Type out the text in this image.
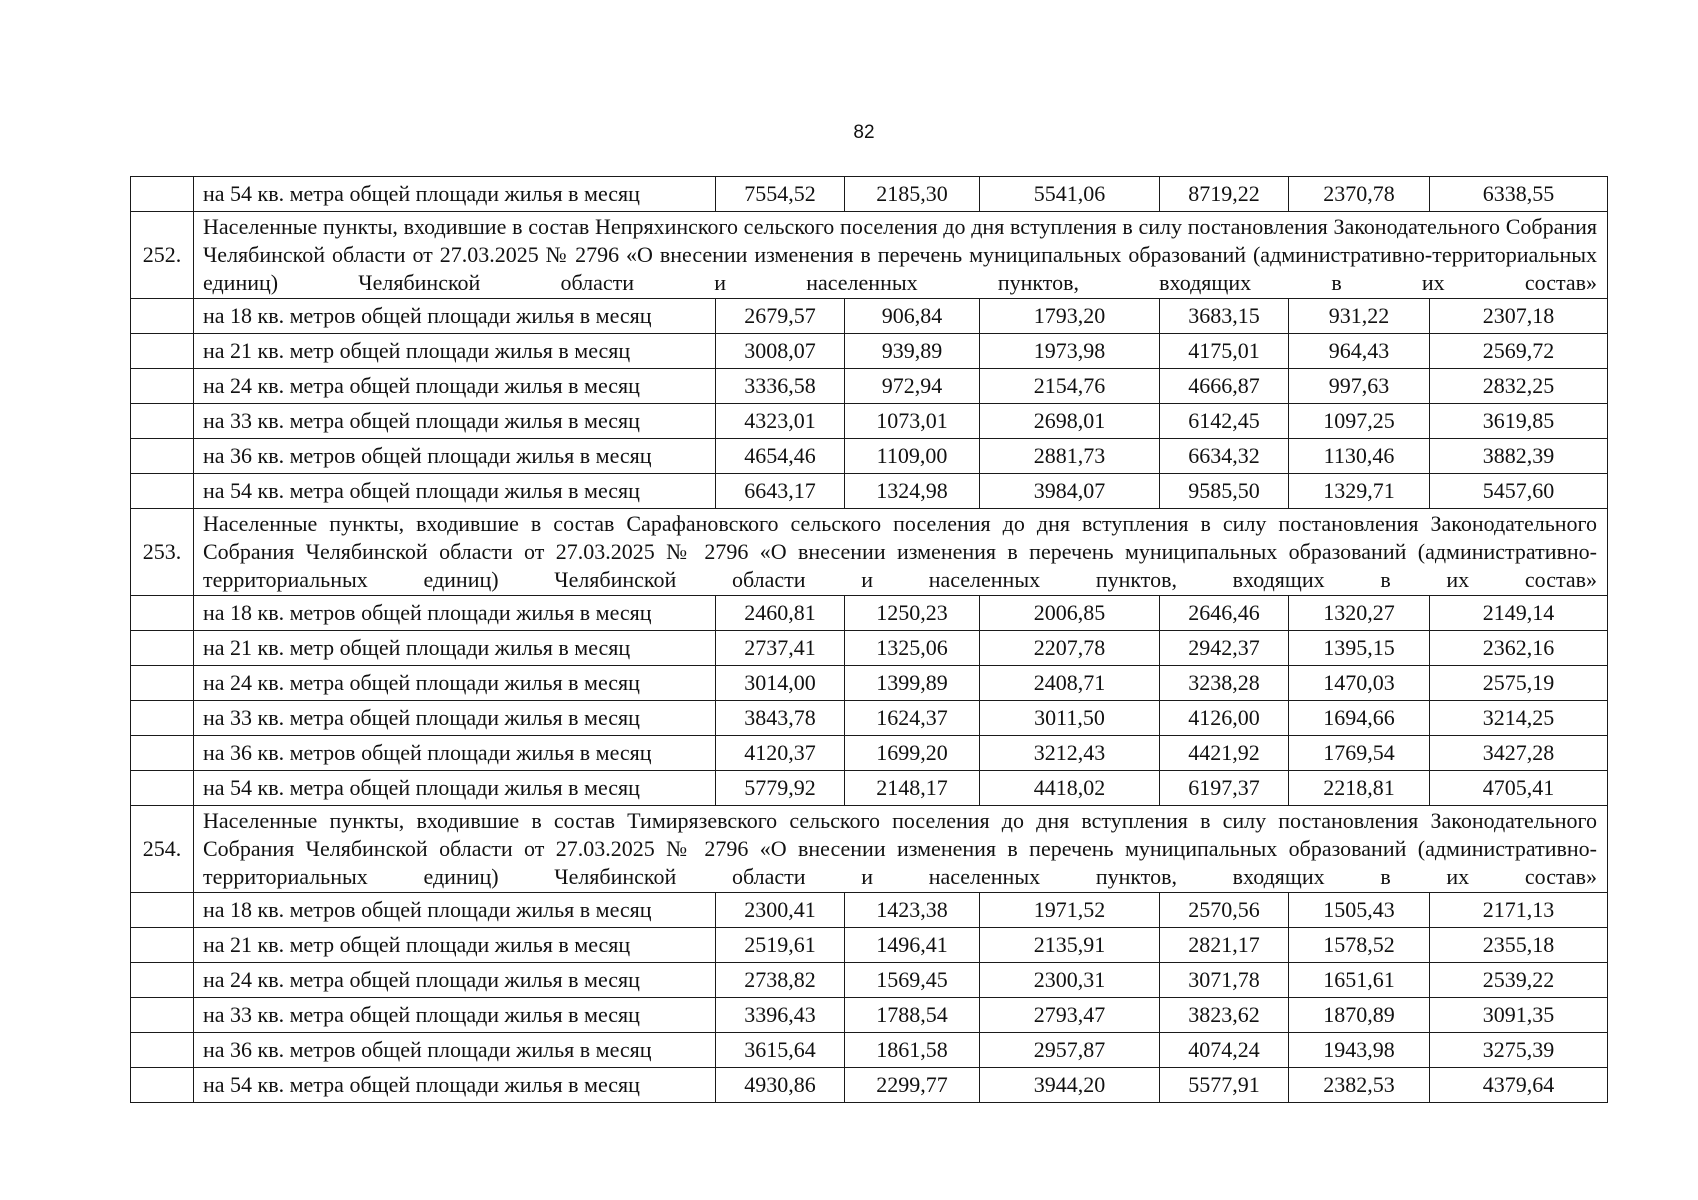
82
	на 54 кв. метра общей площади жилья в месяц	7554,52	2185,30	5541,06	8719,22	2370,78	6338,55
252.	Населенные пункты, входившие в состав Непряхинского сельского поселения до дня вступления в силу постановления Законодательного Собрания Челябинской области от 27.03.2025 № 2796 «О внесении изменения в перечень муниципальных образований (административно-территориальных единиц) Челябинской области и населенных пунктов, входящих в их состав»						
	на 18 кв. метров общей площади жилья в месяц	2679,57	906,84	1793,20	3683,15	931,22	2307,18
	на 21 кв. метр общей площади жилья в месяц	3008,07	939,89	1973,98	4175,01	964,43	2569,72
	на 24 кв. метра общей площади жилья в месяц	3336,58	972,94	2154,76	4666,87	997,63	2832,25
	на 33 кв. метра общей площади жилья в месяц	4323,01	1073,01	2698,01	6142,45	1097,25	3619,85
	на 36 кв. метров общей площади жилья в месяц	4654,46	1109,00	2881,73	6634,32	1130,46	3882,39
	на 54 кв. метра общей площади жилья в месяц	6643,17	1324,98	3984,07	9585,50	1329,71	5457,60
253.	Населенные пункты, входившие в состав Сарафановского сельского поселения до дня вступления в силу постановления Законодательного Собрания Челябинской области от 27.03.2025 № 2796 «О внесении изменения в перечень муниципальных образований (административно-территориальных единиц) Челябинской области и населенных пунктов, входящих в их состав»						
	на 18 кв. метров общей площади жилья в месяц	2460,81	1250,23	2006,85	2646,46	1320,27	2149,14
	на 21 кв. метр общей площади жилья в месяц	2737,41	1325,06	2207,78	2942,37	1395,15	2362,16
	на 24 кв. метра общей площади жилья в месяц	3014,00	1399,89	2408,71	3238,28	1470,03	2575,19
	на 33 кв. метра общей площади жилья в месяц	3843,78	1624,37	3011,50	4126,00	1694,66	3214,25
	на 36 кв. метров общей площади жилья в месяц	4120,37	1699,20	3212,43	4421,92	1769,54	3427,28
	на 54 кв. метра общей площади жилья в месяц	5779,92	2148,17	4418,02	6197,37	2218,81	4705,41
254.	Населенные пункты, входившие в состав Тимирязевского сельского поселения до дня вступления в силу постановления Законодательного Собрания Челябинской области от 27.03.2025 № 2796 «О внесении изменения в перечень муниципальных образований (административно-территориальных единиц) Челябинской области и населенных пунктов, входящих в их состав»						
	на 18 кв. метров общей площади жилья в месяц	2300,41	1423,38	1971,52	2570,56	1505,43	2171,13
	на 21 кв. метр общей площади жилья в месяц	2519,61	1496,41	2135,91	2821,17	1578,52	2355,18
	на 24 кв. метра общей площади жилья в месяц	2738,82	1569,45	2300,31	3071,78	1651,61	2539,22
	на 33 кв. метра общей площади жилья в месяц	3396,43	1788,54	2793,47	3823,62	1870,89	3091,35
	на 36 кв. метров общей площади жилья в месяц	3615,64	1861,58	2957,87	4074,24	1943,98	3275,39
	на 54 кв. метра общей площади жилья в месяц	4930,86	2299,77	3944,20	5577,91	2382,53	4379,64
